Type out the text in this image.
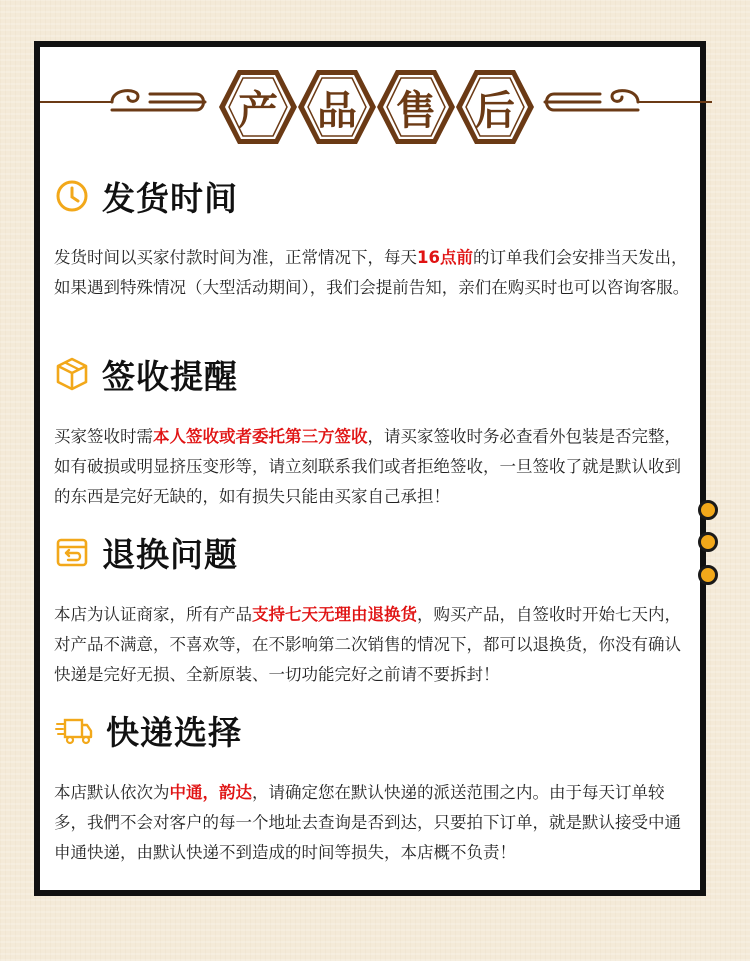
产 品 售 后
发货时间
发货时间以买家付款时间为准，正常情况下，每天16点前的订单我们会安排当天发出，如果遇到特殊情况（大型活动期间），我们会提前告知，亲们在购买时也可以咨询客服。
签收提醒
买家签收时需本人签收或者委托第三方签收，请买家签收时务必查看外包装是否完整，如有破损或明显挤压变形等，请立刻联系我们或者拒绝签收，一旦签收了就是默认收到的东西是完好无缺的，如有损失只能由买家自己承担！
退换问题
本店为认证商家，所有产品支持七天无理由退换货，购买产品，自签收时开始七天内，对产品不满意，不喜欢等，在不影响第二次销售的情况下，都可以退换货，你没有确认快递是完好无损、全新原装、一切功能完好之前请不要拆封！
快递选择
本店默认依次为中通，韵达，请确定您在默认快递的派送范围之内。由于每天订单较多，我們不会对客户的每一个地址去查询是否到达，只要拍下订单，就是默认接受中通申通快递，由默认快递不到造成的时间等损失，本店概不负责！
